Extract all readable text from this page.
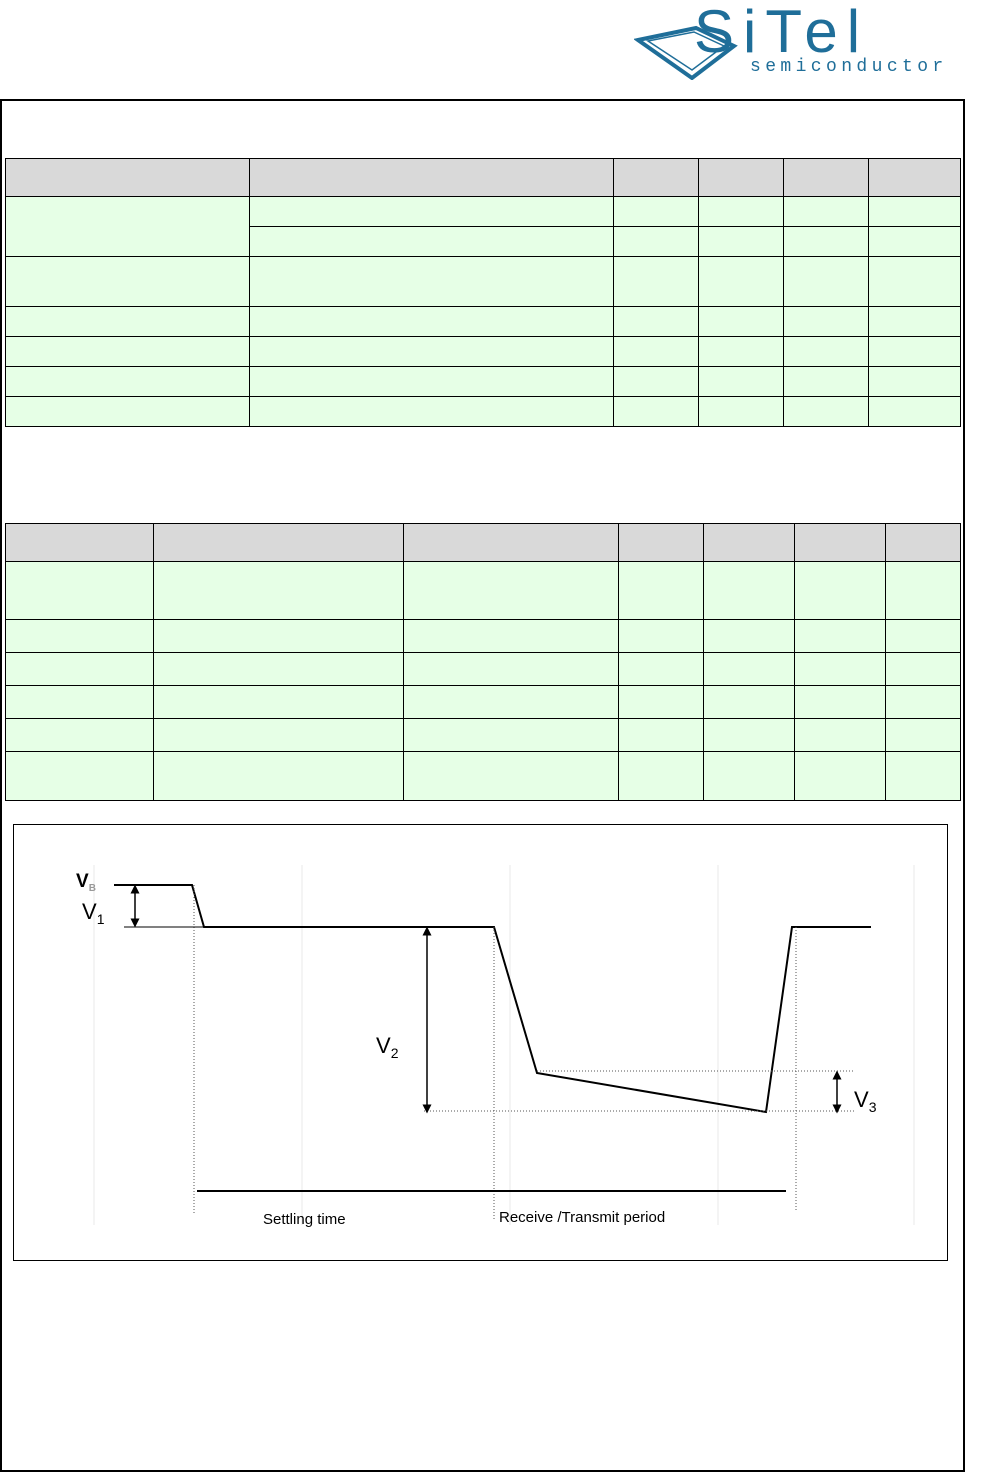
SiTel
semiconductor

$V_B$
$V_1$
$V_2$
$V_3$
Settling time	Receive /Transmit period
